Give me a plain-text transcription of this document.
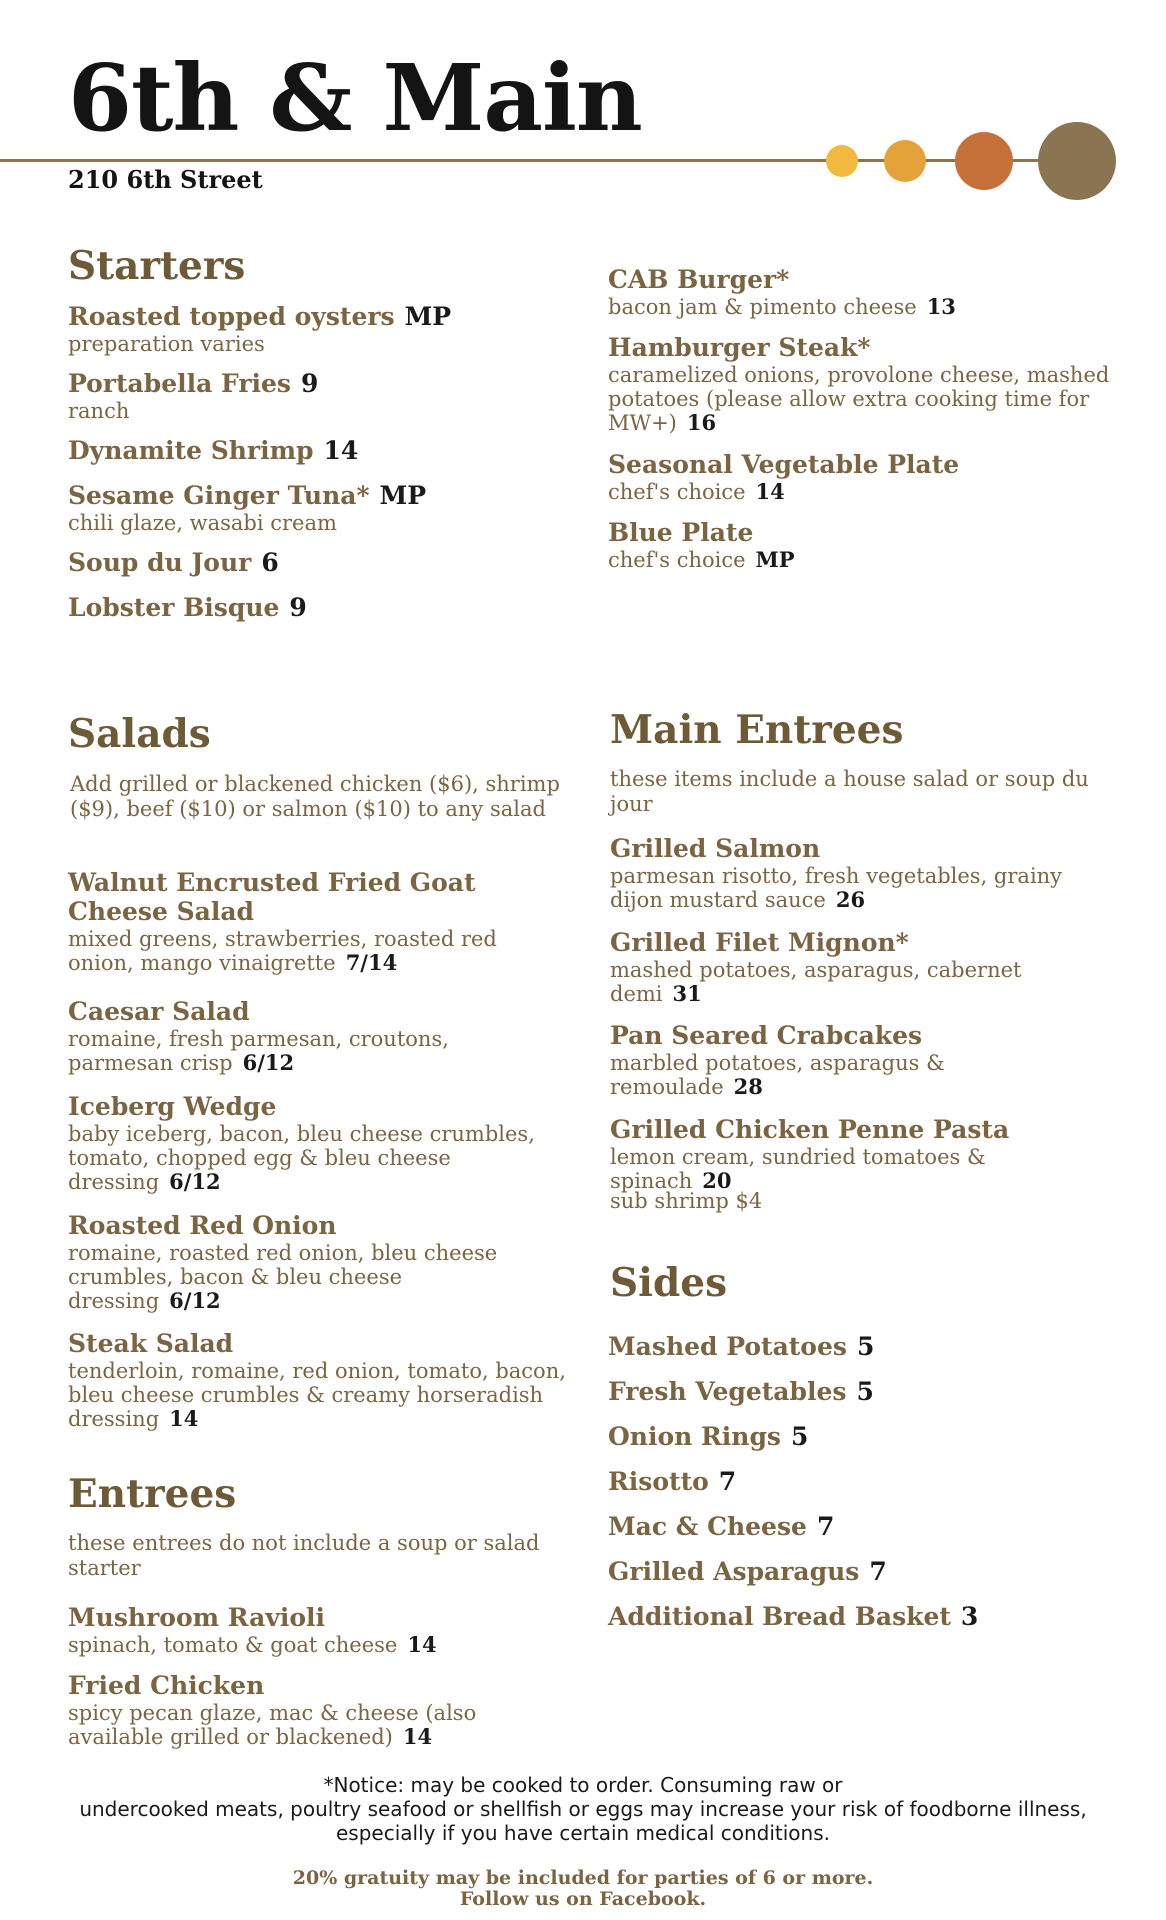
6th & Main
210 6th Street
Starters
Roasted topped oysters MP
preparation varies
Portabella Fries 9
ranch
Dynamite Shrimp 14
Sesame Ginger Tuna* MP
chili glaze, wasabi cream
Soup du Jour 6
Lobster Bisque 9
CAB Burger*
bacon jam & pimento cheese 13
Hamburger Steak*
caramelized onions, provolone cheese, mashed potatoes (please allow extra cooking time for MW+) 16
Seasonal Vegetable Plate
chef's choice 14
Blue Plate
chef's choice MP
Salads
Add grilled or blackened chicken ($6), shrimp ($9), beef ($10) or salmon ($10) to any salad
Walnut Encrusted Fried Goat Cheese Salad
mixed greens, strawberries, roasted red onion, mango vinaigrette 7/14
Caesar Salad
romaine, fresh parmesan, croutons, parmesan crisp 6/12
Iceberg Wedge
baby iceberg, bacon, bleu cheese crumbles, tomato, chopped egg & bleu cheese dressing 6/12
Roasted Red Onion
romaine, roasted red onion, bleu cheese crumbles, bacon & bleu cheese dressing 6/12
Steak Salad
tenderloin, romaine, red onion, tomato, bacon, bleu cheese crumbles & creamy horseradish dressing 14
Entrees
these entrees do not include a soup or salad starter
Mushroom Ravioli
spinach, tomato & goat cheese 14
Fried Chicken
spicy pecan glaze, mac & cheese (also available grilled or blackened) 14
Main Entrees
these items include a house salad or soup du jour
Grilled Salmon
parmesan risotto, fresh vegetables, grainy dijon mustard sauce 26
Grilled Filet Mignon*
mashed potatoes, asparagus, cabernet demi 31
Pan Seared Crabcakes
marbled potatoes, asparagus & remoulade 28
Grilled Chicken Penne Pasta
lemon cream, sundried tomatoes & spinach 20
sub shrimp $4
Sides
Mashed Potatoes 5
Fresh Vegetables 5
Onion Rings 5
Risotto 7
Mac & Cheese 7
Grilled Asparagus 7
Additional Bread Basket 3
*Notice: may be cooked to order. Consuming raw or
undercooked meats, poultry seafood or shellfish or eggs may increase your risk of foodborne illness,
especially if you have certain medical conditions.
20% gratuity may be included for parties of 6 or more.
Follow us on Facebook.
